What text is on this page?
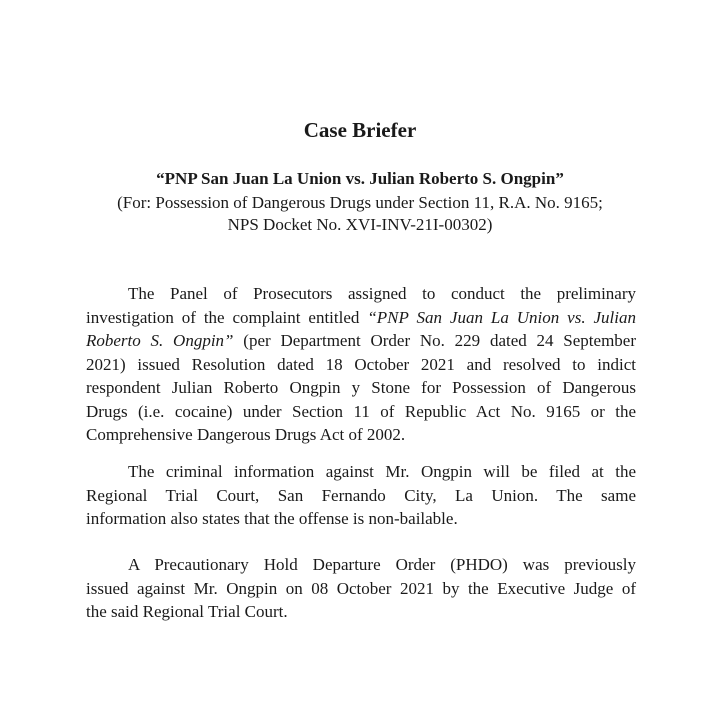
Case Briefer

“PNP San Juan La Union vs. Julian Roberto S. Ongpin”

(For: Possession of Dangerous Drugs under Section 11, R.A. No. 9165;
NPS Docket No. XVI-INV-21I-00302)

The Panel of Prosecutors assigned to conduct the preliminary
investigation of the complaint entitled “PNP San Juan La Union vs. Julian
Roberto S. Ongpin” (per Department Order No. 229 dated 24 September
2021) issued Resolution dated 18 October 2021 and resolved to indict
respondent Julian Roberto Ongpin y Stone for Possession of Dangerous
Drugs (i.e. cocaine) under Section 11 of Republic Act No. 9165 or the
Comprehensive Dangerous Drugs Act of 2002.
The criminal information against Mr. Ongpin will be filed at the
Regional Trial Court, San Fernando City, La Union. The same
information also states that the offense is non-bailable.
A Precautionary Hold Departure Order (PHDO) was previously
issued against Mr. Ongpin on 08 October 2021 by the Executive Judge of
the said Regional Trial Court.
